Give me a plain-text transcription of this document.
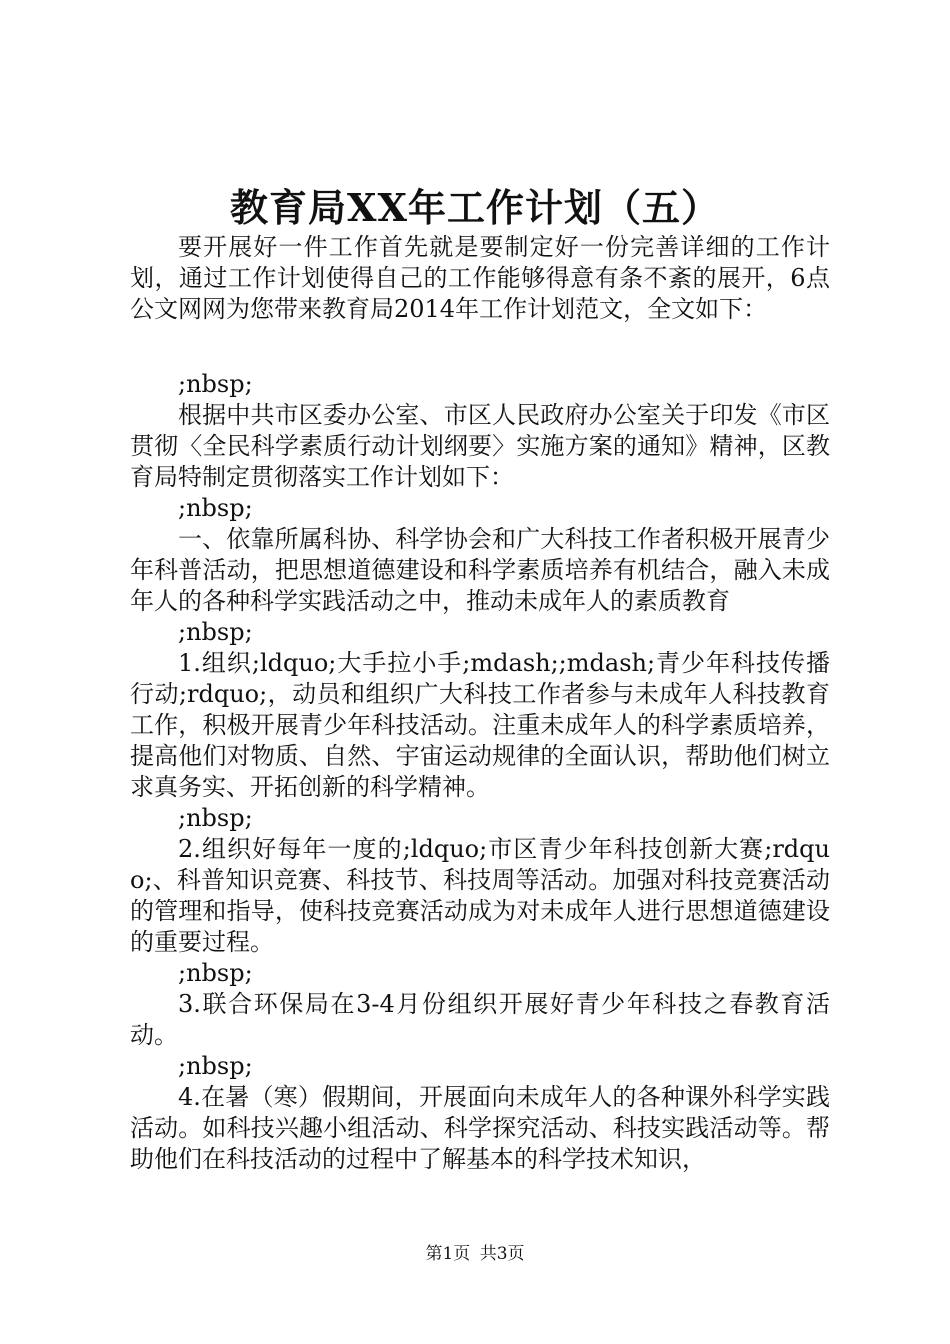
教育局XX年工作计划（五）

要开展好一件工作首先就是要制定好一份完善详细的工作计划，通过工作计划使得自己的工作能够得意有条不紊的展开，6点公文网网为您带来教育局2014年工作计划范文，全文如下：

;nbsp;

根据中共市区委办公室、市区人民政府办公室关于印发《市区贯彻〈全民科学素质行动计划纲要〉实施方案的通知》精神，区教育局特制定贯彻落实工作计划如下：

;nbsp;

一、依靠所属科协、科学协会和广大科技工作者积极开展青少年科普活动，把思想道德建设和科学素质培养有机结合，融入未成年人的各种科学实践活动之中，推动未成年人的素质教育

;nbsp;

1.组织;ldquo;大手拉小手;mdash;;mdash;青少年科技传播行动;rdquo;，动员和组织广大科技工作者参与未成年人科技教育工作，积极开展青少年科技活动。注重未成年人的科学素质培养，提高他们对物质、自然、宇宙运动规律的全面认识，帮助他们树立求真务实、开拓创新的科学精神。

;nbsp;

2.组织好每年一度的;ldquo;市区青少年科技创新大赛;rdquo;、科普知识竞赛、科技节、科技周等活动。加强对科技竞赛活动的管理和指导，使科技竞赛活动成为对未成年人进行思想道德建设的重要过程。

;nbsp;

3.联合环保局在3-4月份组织开展好青少年科技之春教育活动。

;nbsp;

4.在暑（寒）假期间，开展面向未成年人的各种课外科学实践活动。如科技兴趣小组活动、科学探究活动、科技实践活动等。帮助他们在科技活动的过程中了解基本的科学技术知识，

第1页 共3页
